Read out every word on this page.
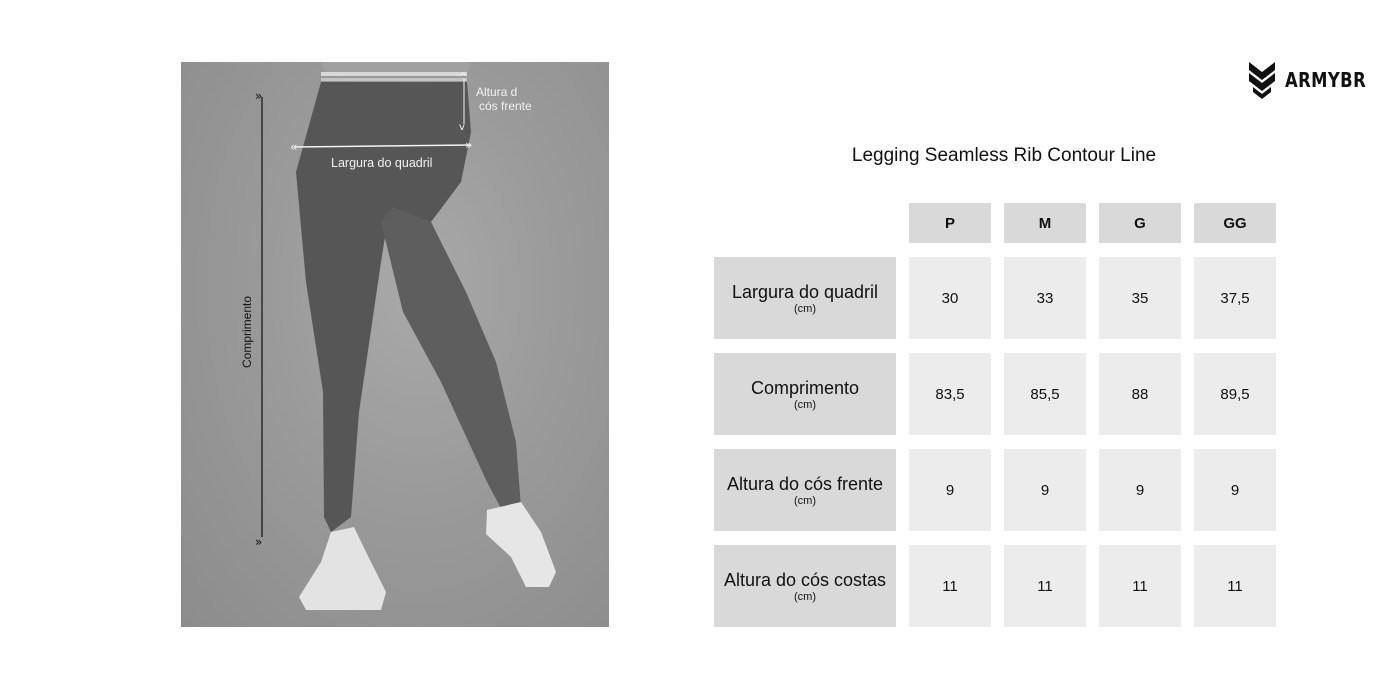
»
»
«	»
^
v
Largura do quadril
Altura d
cós frente
Comprimento
ARMYBR
Legging Seamless Rib Contour Line
P	M	G	GG
Largura do quadril
(cm)
30	33	35	37,5
Comprimento
(cm)
83,5	85,5	88	89,5
Altura do cós frente
(cm)
9	9	9	9
Altura do cós costas
(cm)
11	11	11	11
